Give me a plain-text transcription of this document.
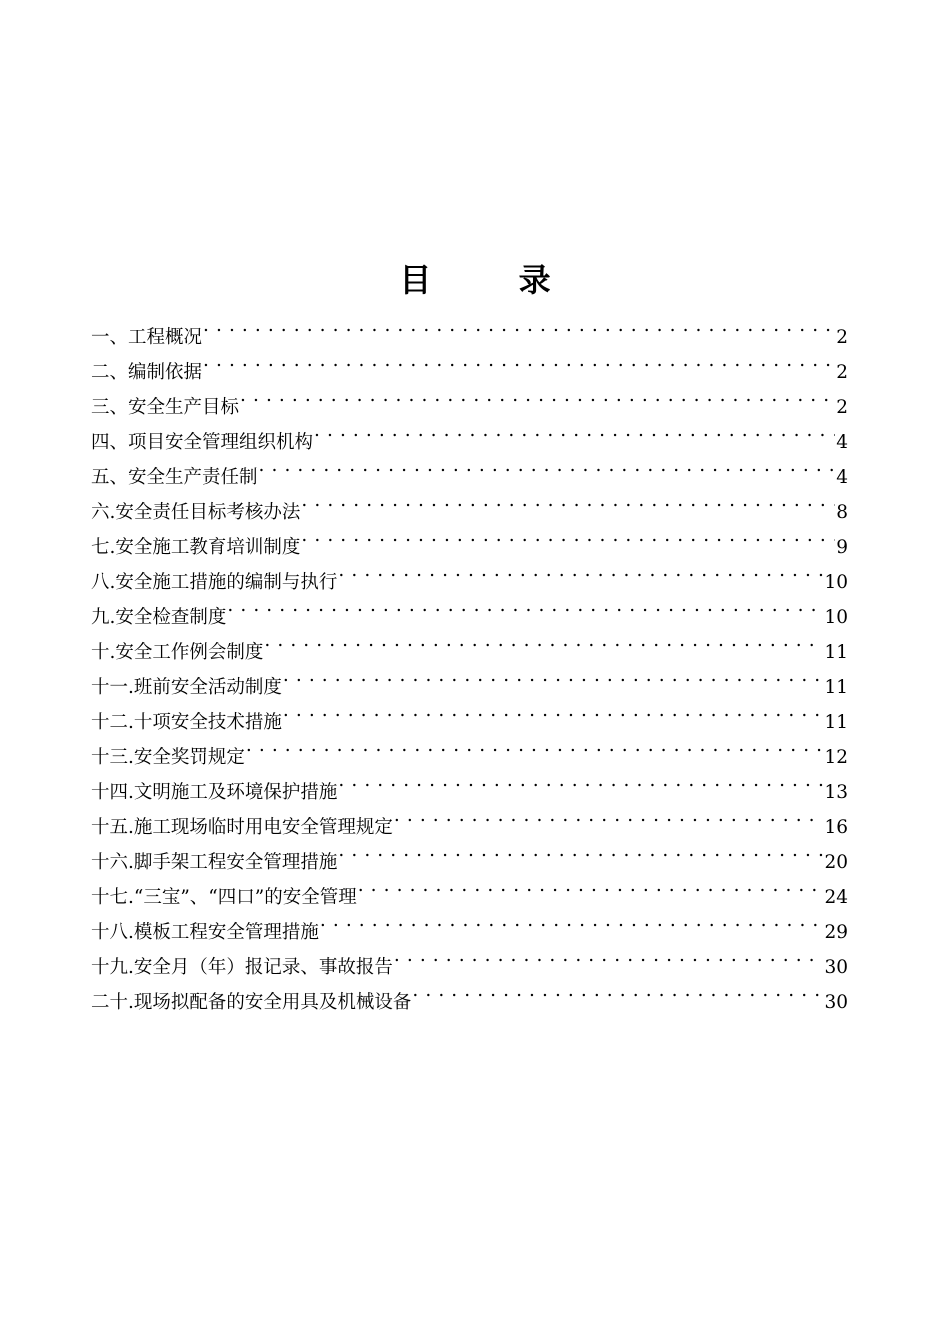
目 录
一、工程概况 . . .	2
二、编制依据 . . .	2
三、安全生产目标 . . .	2
四、项目安全管理组织机构 . . .	4
五、安全生产责任制 . . .	4
六.安全责任目标考核办法 . . .	8
七.安全施工教育培训制度 . . .	9
八.安全施工措施的编制与执行 . . .	10
九.安全检查制度 . . .	10
十.安全工作例会制度 . . .	11
十一.班前安全活动制度 . . .	11
十二.十项安全技术措施 . . .	11
十三.安全奖罚规定 . . .	12
十四.文明施工及环境保护措施 . . .	13
十五.施工现场临时用电安全管理规定 . . .	16
十六.脚手架工程安全管理措施 . . .	20
十七.“三宝”、“四口”的安全管理 . . .	24
十八.模板工程安全管理措施 . . .	29
十九.安全月（年）报记录、事故报告 . . .	30
二十.现场拟配备的安全用具及机械设备 . . .	30
